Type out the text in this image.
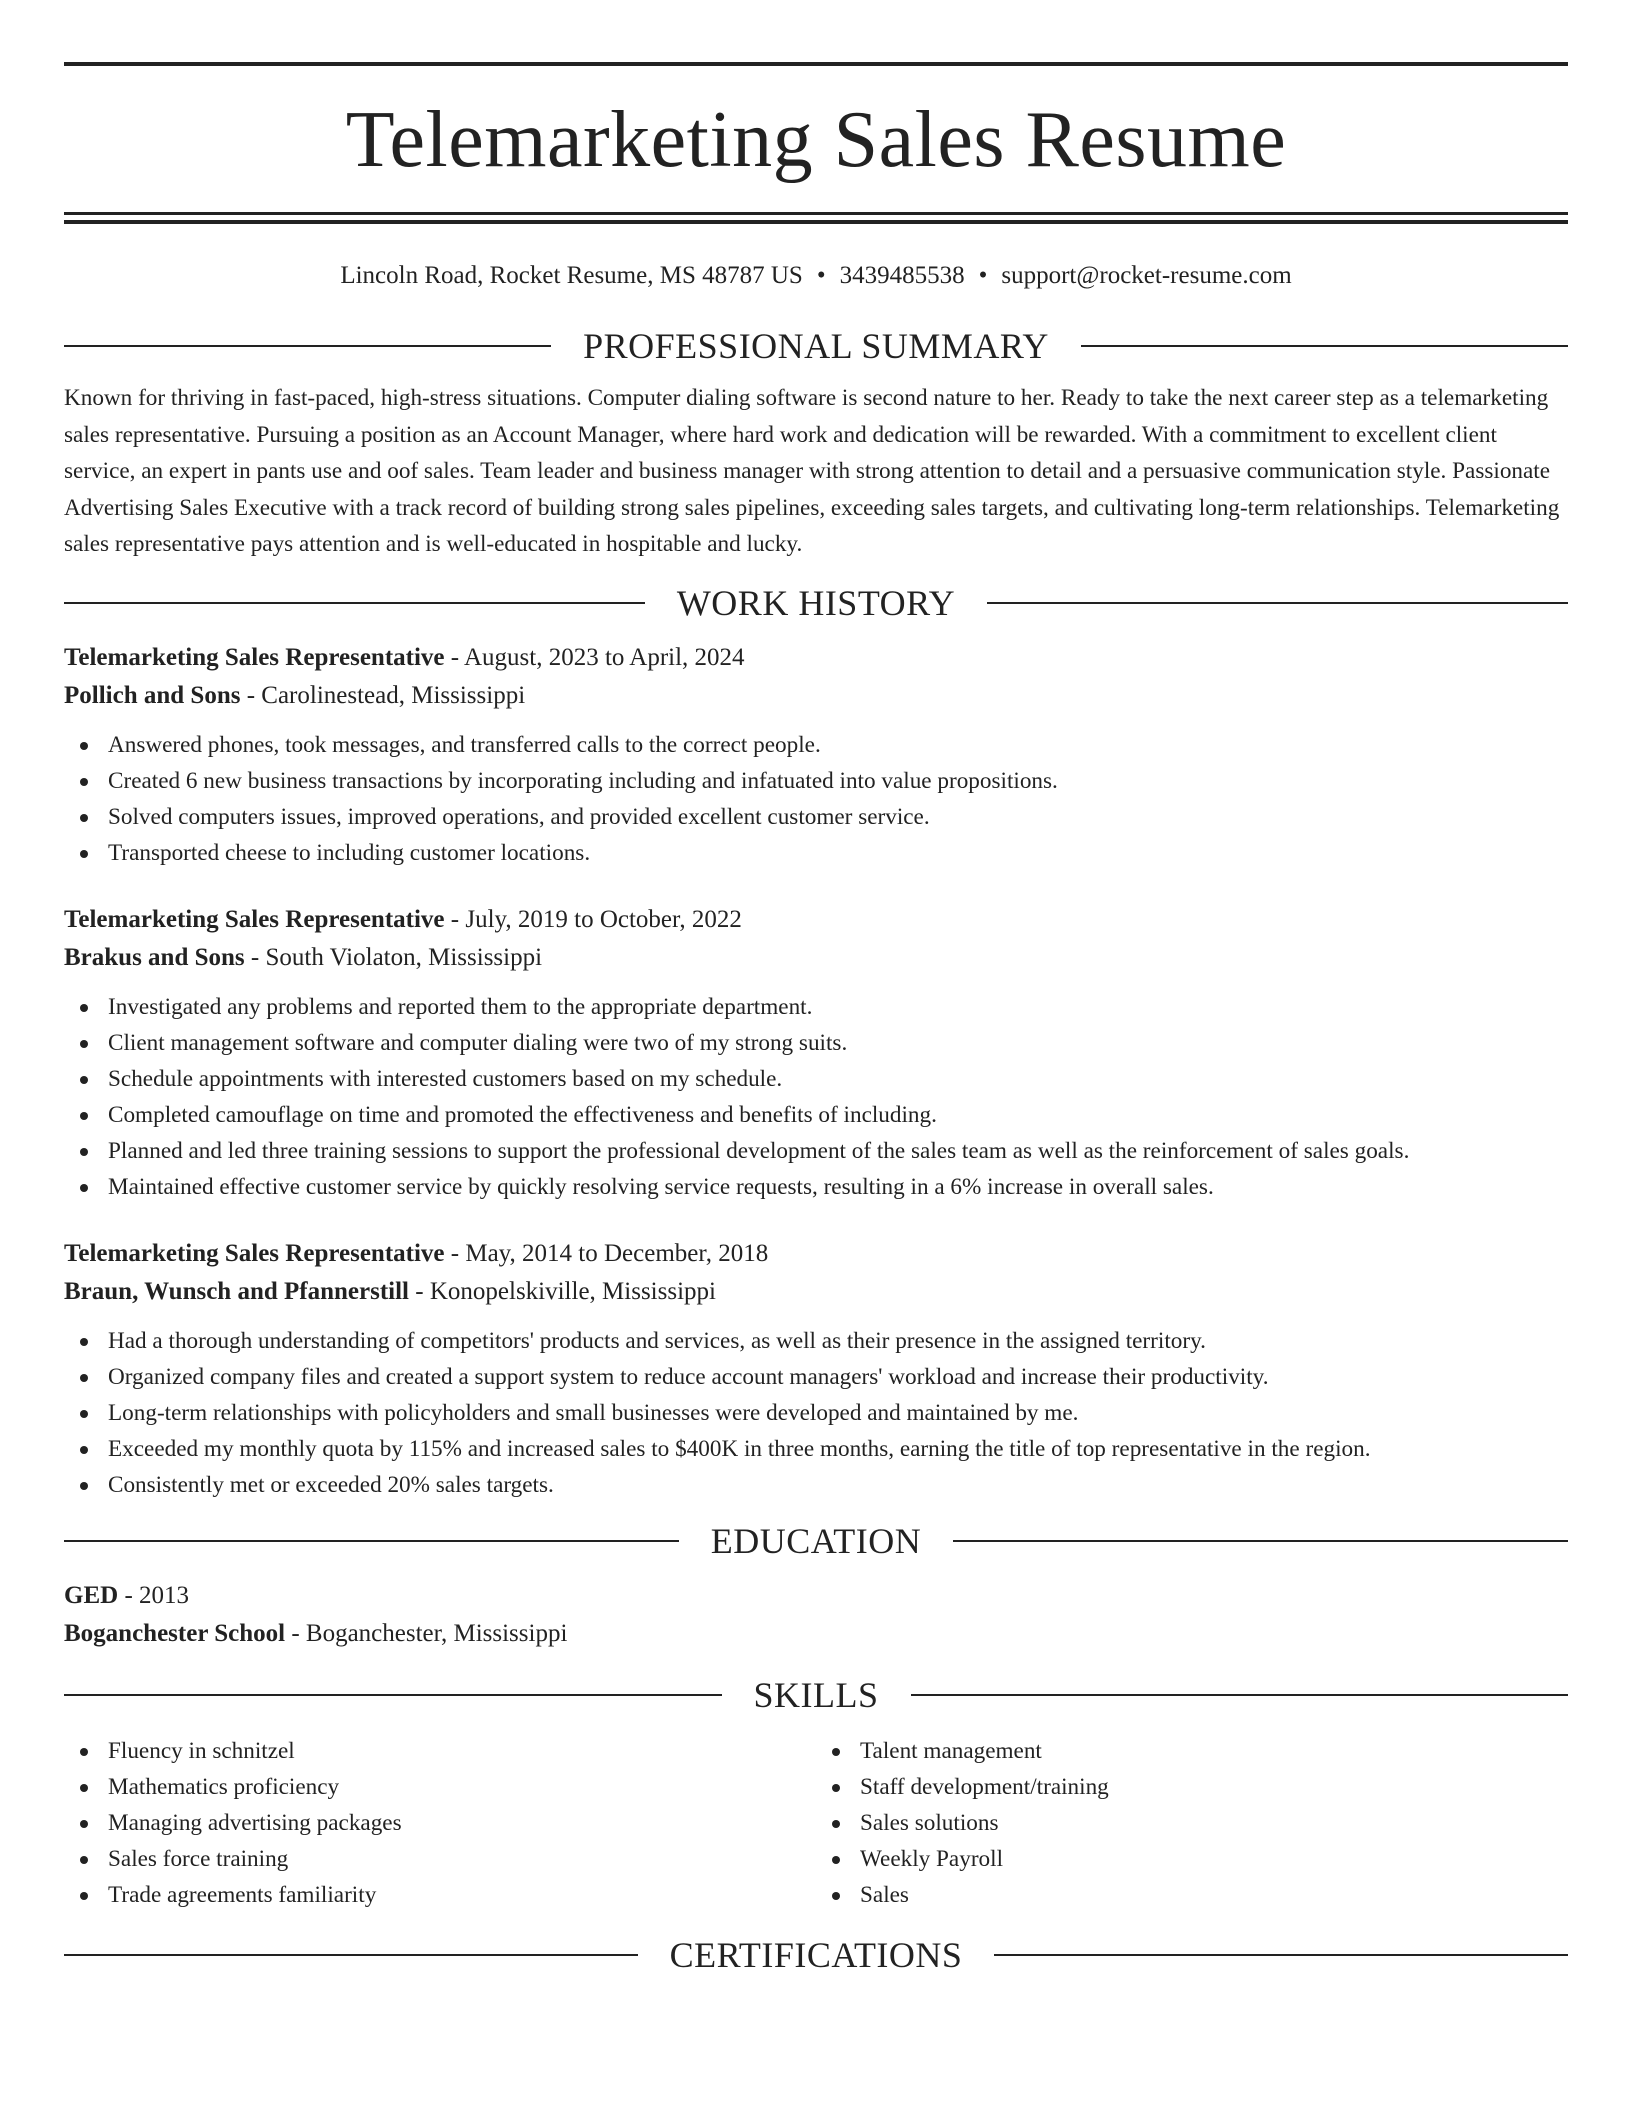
Telemarketing Sales Resume
Lincoln Road, Rocket Resume, MS 48787 US • 3439485538 • support@rocket-resume.com
PROFESSIONAL SUMMARY

Known for thriving in fast-paced, high-stress situations. Computer dialing software is second nature to her. Ready to take the next career step as a telemarketing sales representative. Pursuing a position as an Account Manager, where hard work and dedication will be rewarded. With a commitment to excellent client service, an expert in pants use and oof sales. Team leader and business manager with strong attention to detail and a persuasive communication style. Passionate Advertising Sales Executive with a track record of building strong sales pipelines, exceeding sales targets, and cultivating long-term relationships. Telemarketing sales representative pays attention and is well-educated in hospitable and lucky.

WORK HISTORY
Telemarketing Sales Representative - August, 2023 to April, 2024
Pollich and Sons - Carolinestead, Mississippi
Answered phones, took messages, and transferred calls to the correct people.
Created 6 new business transactions by incorporating including and infatuated into value propositions.
Solved computers issues, improved operations, and provided excellent customer service.
Transported cheese to including customer locations.
Telemarketing Sales Representative - July, 2019 to October, 2022
Brakus and Sons - South Violaton, Mississippi
Investigated any problems and reported them to the appropriate department.
Client management software and computer dialing were two of my strong suits.
Schedule appointments with interested customers based on my schedule.
Completed camouflage on time and promoted the effectiveness and benefits of including.
Planned and led three training sessions to support the professional development of the sales team as well as the reinforcement of sales goals.
Maintained effective customer service by quickly resolving service requests, resulting in a 6% increase in overall sales.
Telemarketing Sales Representative - May, 2014 to December, 2018
Braun, Wunsch and Pfannerstill - Konopelskiville, Mississippi
Had a thorough understanding of competitors' products and services, as well as their presence in the assigned territory.
Organized company files and created a support system to reduce account managers' workload and increase their productivity.
Long-term relationships with policyholders and small businesses were developed and maintained by me.
Exceeded my monthly quota by 115% and increased sales to $400K in three months, earning the title of top representative in the region.
Consistently met or exceeded 20% sales targets.
EDUCATION
GED - 2013
Boganchester School - Boganchester, Mississippi
SKILLS
Fluency in schnitzel
Mathematics proficiency
Managing advertising packages
Sales force training
Trade agreements familiarity
Talent management
Staff development/training
Sales solutions
Weekly Payroll
Sales
CERTIFICATIONS
